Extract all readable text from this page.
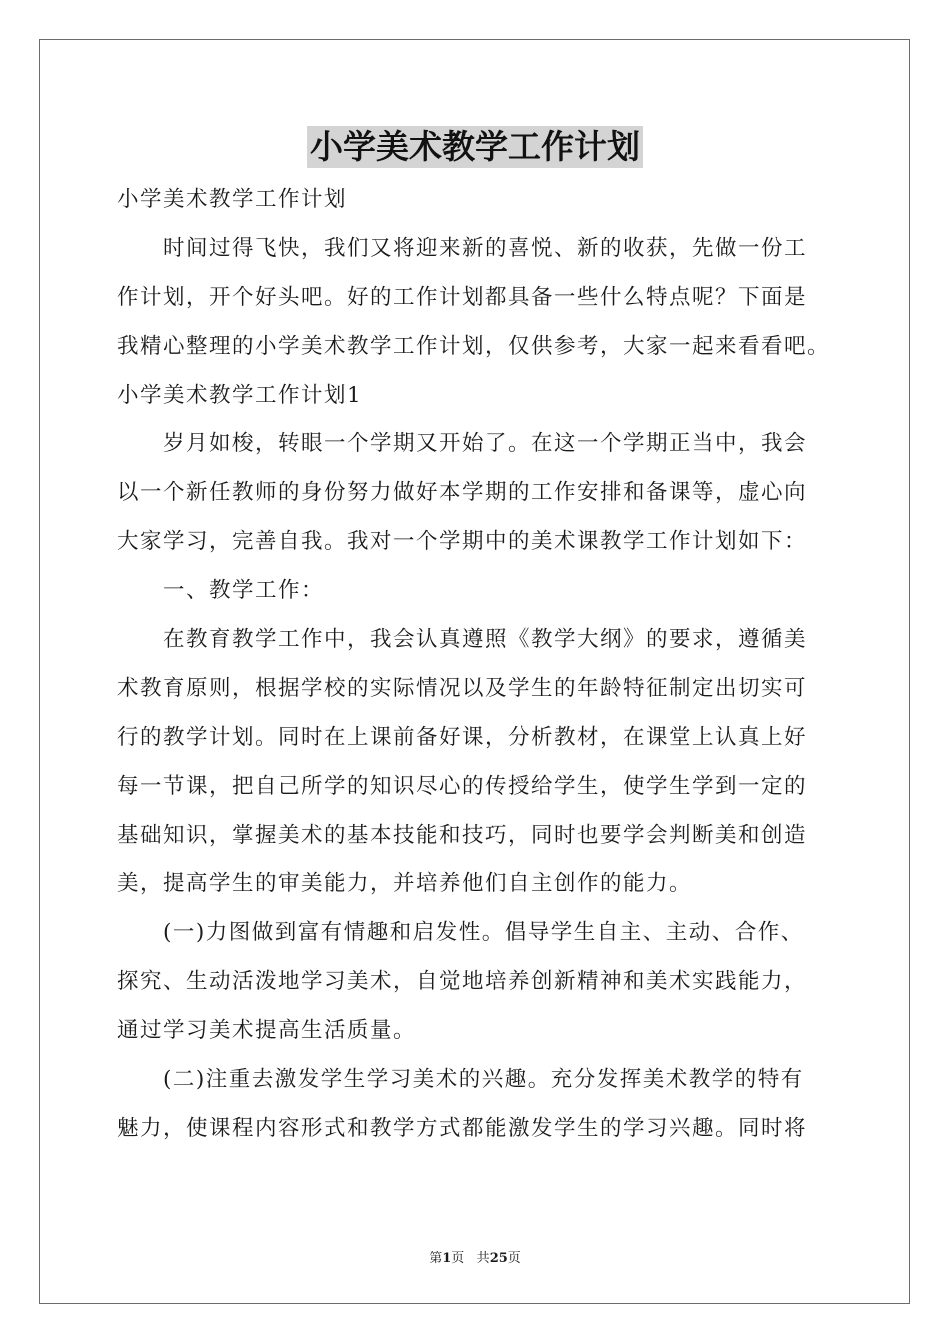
小学美术教学工作计划
小学美术教学工作计划
时间过得飞快，我们又将迎来新的喜悦、新的收获，先做一份工
作计划，开个好头吧。好的工作计划都具备一些什么特点呢？下面是
我精心整理的小学美术教学工作计划，仅供参考，大家一起来看看吧。
小学美术教学工作计划1
岁月如梭，转眼一个学期又开始了。在这一个学期正当中，我会
以一个新任教师的身份努力做好本学期的工作安排和备课等，虚心向
大家学习，完善自我。我对一个学期中的美术课教学工作计划如下：
一、教学工作：
在教育教学工作中，我会认真遵照《教学大纲》的要求，遵循美
术教育原则，根据学校的实际情况以及学生的年龄特征制定出切实可
行的教学计划。同时在上课前备好课，分析教材，在课堂上认真上好
每一节课，把自己所学的知识尽心的传授给学生，使学生学到一定的
基础知识，掌握美术的基本技能和技巧，同时也要学会判断美和创造
美，提高学生的审美能力，并培养他们自主创作的能力。
(一)力图做到富有情趣和启发性。倡导学生自主、主动、合作、
探究、生动活泼地学习美术，自觉地培养创新精神和美术实践能力，
通过学习美术提高生活质量。
(二)注重去激发学生学习美术的兴趣。充分发挥美术教学的特有
魅力，使课程内容形式和教学方式都能激发学生的学习兴趣。同时将
第1页 共25页
